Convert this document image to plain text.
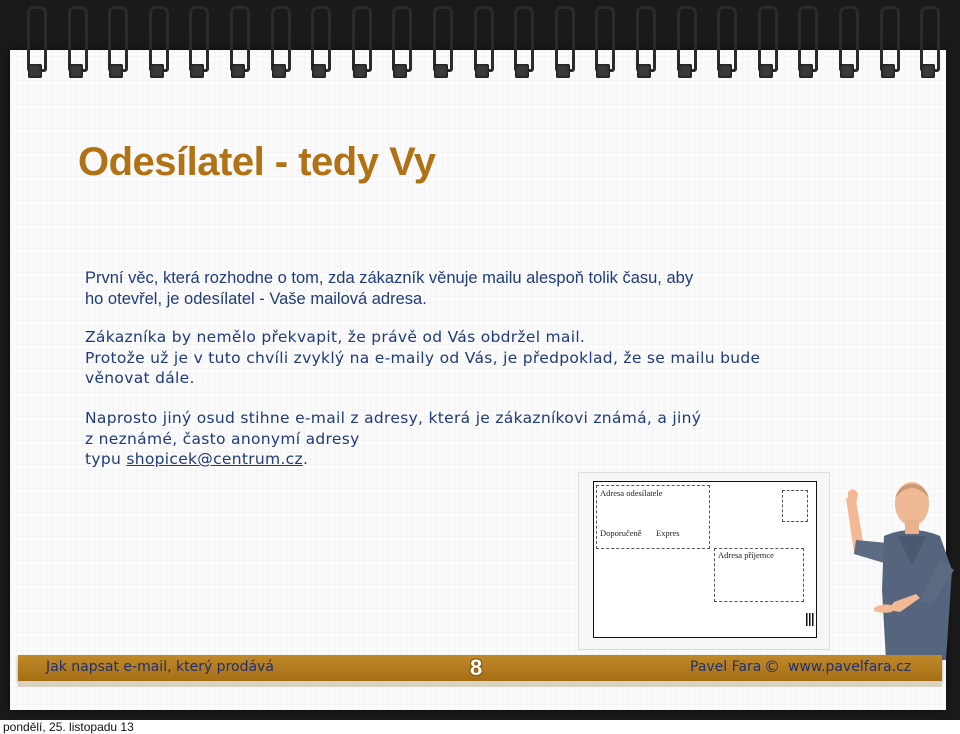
Odesílatel - tedy Vy
První věc, která rozhodne o tom, zda zákazník věnuje mailu alespoň tolik času, aby
ho otevřel, je odesílatel - Vaše mailová adresa.
Zákazníka by nemělo překvapit, že právě od Vás obdržel mail.
Protože už je v tuto chvíli zvyklý na e-maily od Vás, je předpoklad, že se mailu bude
věnovat dále.
Naprosto jiný osud stihne e-mail z adresy, která je zákazníkovi známá, a jiný
z neznámé, často anonymí adresy
typu shopicek@centrum.cz.
Adresa odesílatele
Doporučeně Expres
Adresa příjemce
Jak napsat e-mail, který prodává	8	Pavel Fara © www.pavelfara.cz
pondělí, 25. listopadu 13
